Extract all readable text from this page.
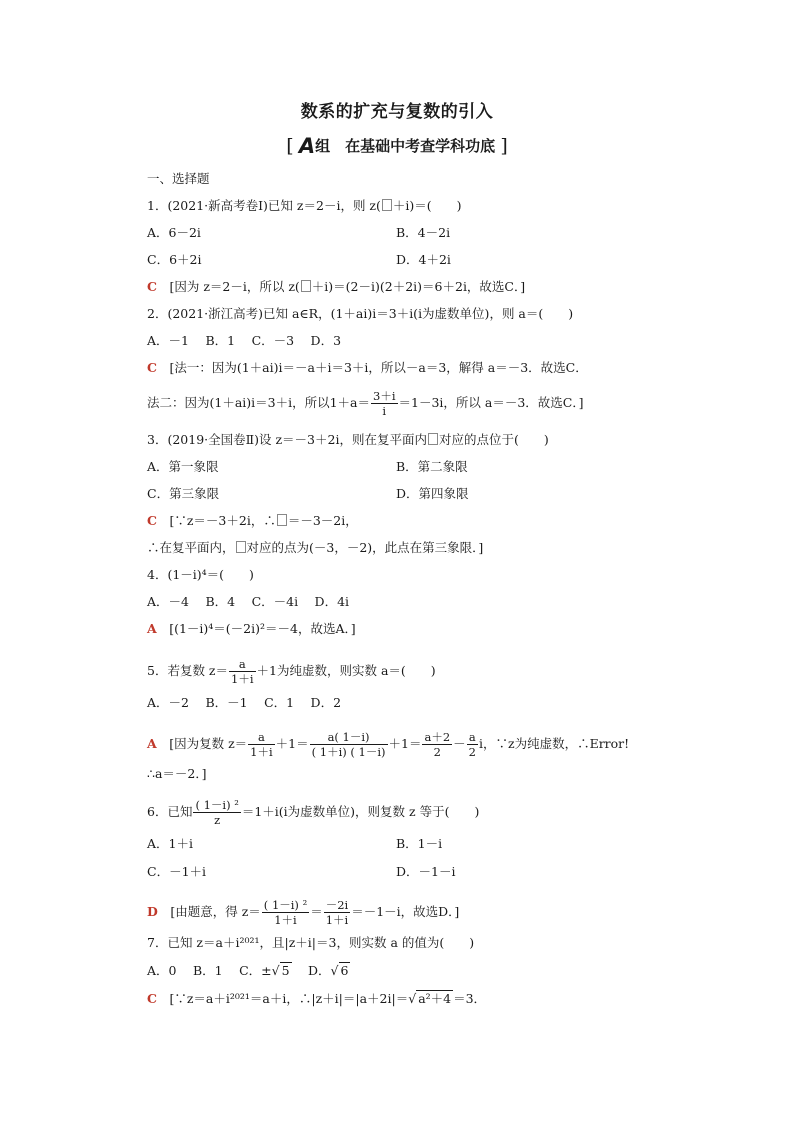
数系的扩充与复数的引入
[ A组　在基础中考查学科功底 ]
一、选择题
1．(2021·新高考卷Ⅰ)已知 z＝2－i，则 z( ＋i)＝(　　)
A．6－2i	B．4－2i
C．6＋2i	D．4＋2i
C　 [因为 z＝2－i，所以 z( ＋i)＝(2－i)(2＋2i)＝6＋2i，故选C．]
2．(2021·浙江高考)已知 a∈R，(1＋ai)i＝3＋i(i为虚数单位)，则 a＝(　　)
A．－1　 B．1　 C．－3　 D．3
C　 [法一：因为(1＋ai)i＝－a＋i＝3＋i，所以－a＝3，解得 a＝－3．故选C．
法二：因为(1＋ai)i＝3＋i，所以$1+a= \frac{3+i}{i} =1-3i$，所以 a＝－3．故选C．]
3．(2019·全国卷Ⅱ)设 z＝－3＋2i，则在复平面内 对应的点位于(　　)
A．第一象限	B．第二象限
C．第三象限	D．第四象限
C　 [∵z＝－3＋2i，∴ ＝－3－2i，
∴在复平面内， 对应的点为(－3，－2)，此点在第三象限．]
4．(1－i)⁴＝(　　)
A．－4　 B．4　 C．－4i　 D．4i
A　 [(1－i)⁴＝(－2i)²＝－4，故选A．]
5．若复数 $z= \frac{a}{1+i} +1$为纯虚数，则实数 a＝(　　)
A．－2　 B．－1　 C．1　 D．2
A　 [因为复数 $z= \frac{a}{1+i} +1= \frac{a( 1-i)}{( 1+i) ( 1-i)} +1= \frac{a+2}{2} - \frac{a}{2}$ i，∵z为纯虚数，∴Error!
∴a＝－2．]
6．已知 $\frac{\text{( 1－i) ²}}{z} =1+i(i$为虚数单位)，则复数 z 等于(　　)
A．1＋i	B．1－i
C．－1＋i	D．－1－i
D　 [由题意，得 $z= \frac{\text{( 1－i) ²}}{1+i} = \frac{-2i}{1+i} =-1-i$，故选D．]
7．已知 z＝a＋i²⁰²¹，且|z＋i|＝3，则实数 a 的值为(　　)
A．0　 B．1　 C．±√ 5　 D．√ 6
C　 [∵z＝a＋i²⁰²¹＝a＋i，∴|z＋i|＝|a＋2i|＝√ a²＋4 ＝3．
